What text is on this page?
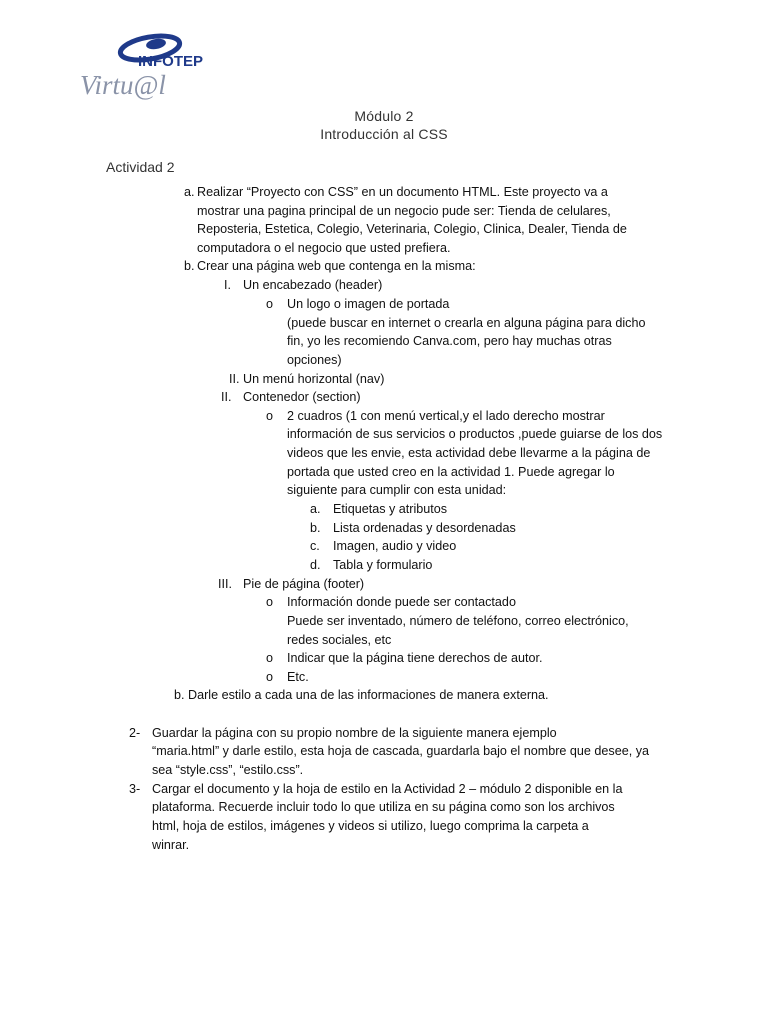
INFOTEP
Virtu@l
Módulo 2
Introducción al CSS
Actividad 2
a. Realizar “Proyecto con CSS” en un documento HTML. Este proyecto va a
mostrar una pagina principal de un negocio pude ser: Tienda de celulares,
Reposteria, Estetica, Colegio, Veterinaria, Colegio, Clinica, Dealer, Tienda de
computadora o el negocio que usted prefiera.
b. Crear una página web que contenga en la misma:
I. Un encabezado (header)
o Un logo o imagen de portada
(puede buscar en internet o crearla en alguna página para dicho
fin, yo les recomiendo Canva.com, pero hay muchas otras
opciones)
II. Un menú horizontal (nav)
II. Contenedor (section)
o 2 cuadros (1 con menú vertical,y el lado derecho mostrar
información de sus servicios o productos ,puede guiarse de los dos
videos que les envie, esta actividad debe llevarme a la página de
portada que usted creo en la actividad 1. Puede agregar lo
siguiente para cumplir con esta unidad:
a. Etiquetas y atributos
b. Lista ordenadas y desordenadas
c. Imagen, audio y video
d. Tabla y formulario
III. Pie de página (footer)
o Información donde puede ser contactado
Puede ser inventado, número de teléfono, correo electrónico,
redes sociales, etc
o Indicar que la página tiene derechos de autor.
o Etc.
b. Darle estilo a cada una de las informaciones de manera externa.
2- Guardar la página con su propio nombre de la siguiente manera ejemplo
“maria.html” y darle estilo, esta hoja de cascada, guardarla bajo el nombre que desee, ya
sea “style.css”, “estilo.css”.
3- Cargar el documento y la hoja de estilo en la Actividad 2 – módulo 2 disponible en la
plataforma. Recuerde incluir todo lo que utiliza en su página como son los archivos
html, hoja de estilos, imágenes y videos si utilizo, luego comprima la carpeta a
winrar.
